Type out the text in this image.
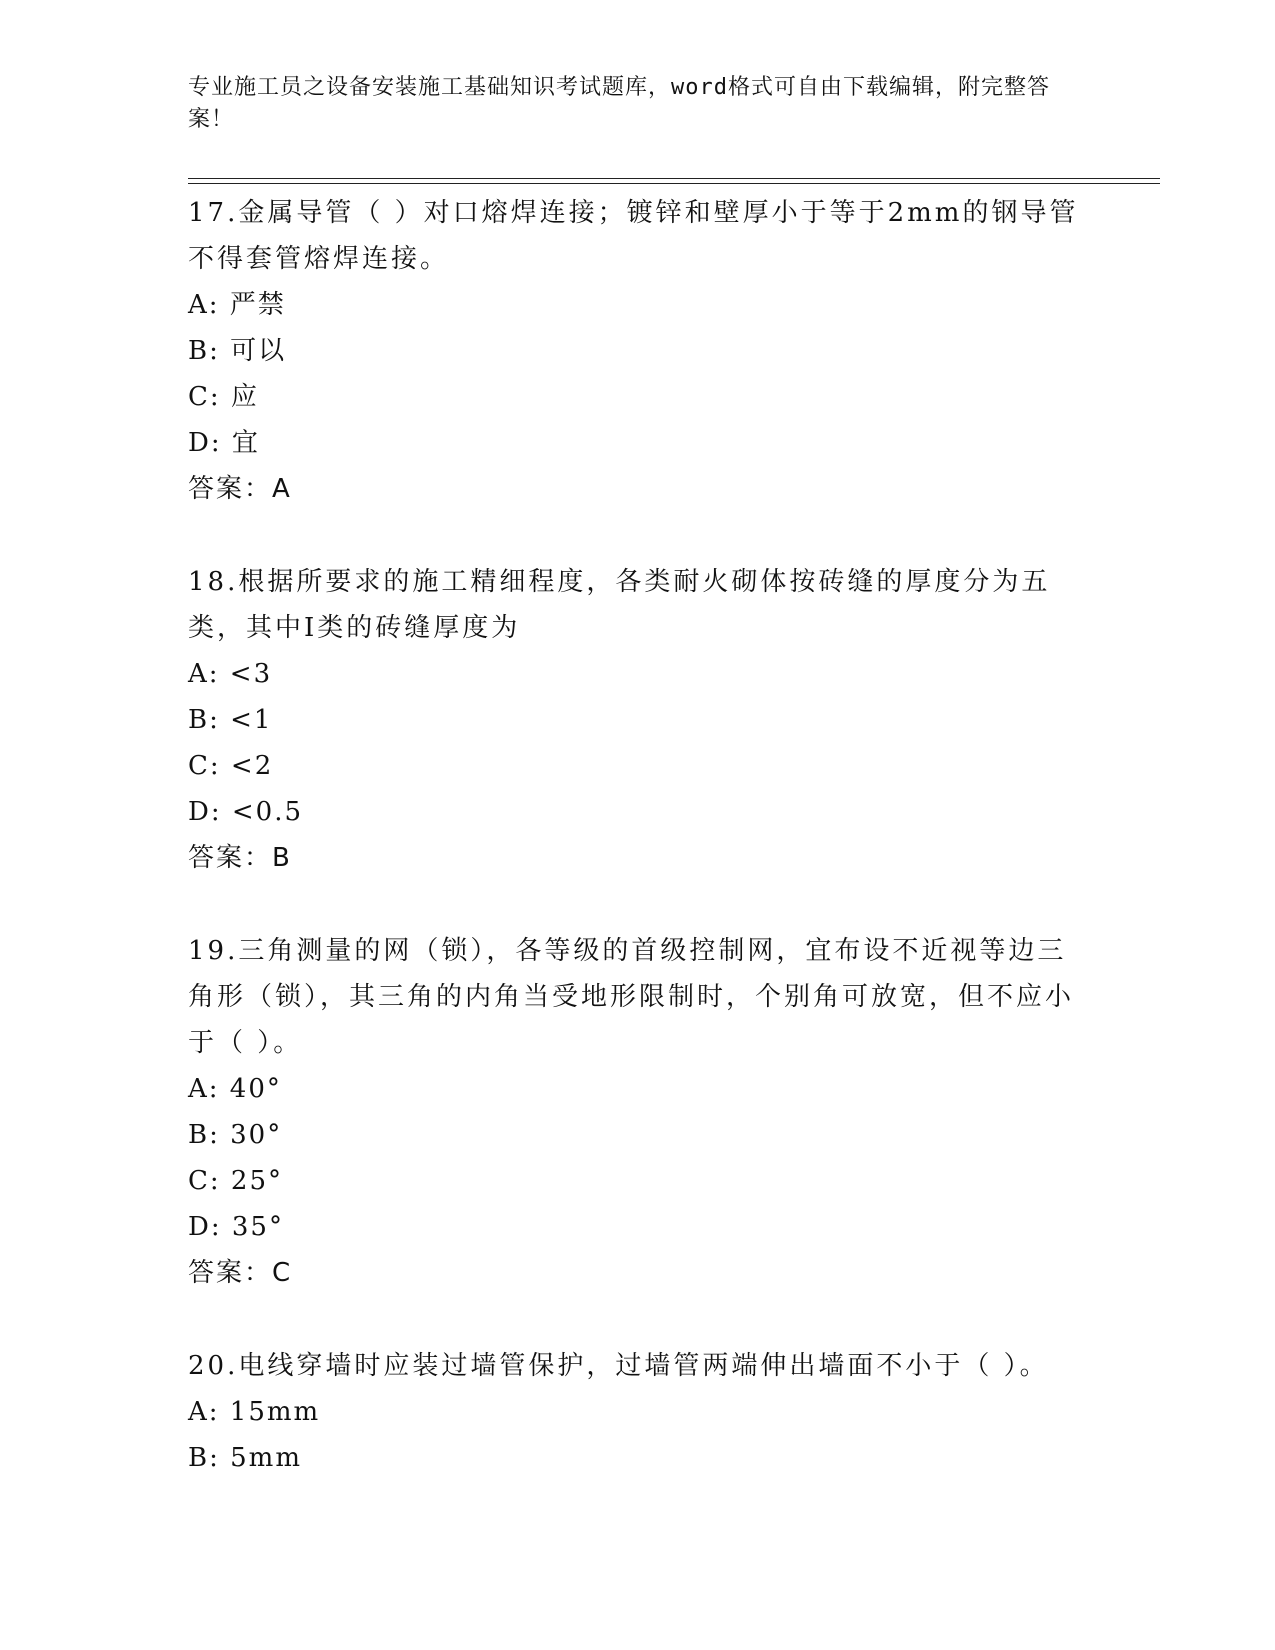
专业施工员之设备安装施工基础知识考试题库，word格式可自由下载编辑，附完整答案！
17.金属导管（ ）对口熔焊连接；镀锌和壁厚小于等于2mm的钢导管不得套管熔焊连接。
A: 严禁
B: 可以
C: 应
D: 宜
答案：A
18.根据所要求的施工精细程度，各类耐火砌体按砖缝的厚度分为五类，其中I类的砖缝厚度为
A: <3
B: <1
C: <2
D: <0.5
答案：B
19.三角测量的网（锁），各等级的首级控制网，宜布设不近视等边三角形（锁），其三角的内角当受地形限制时，个别角可放宽，但不应小于（ ）。
A: 40°
B: 30°
C: 25°
D: 35°
答案：C
20.电线穿墙时应装过墙管保护，过墙管两端伸出墙面不小于（ ）。
A: 15mm
B: 5mm
